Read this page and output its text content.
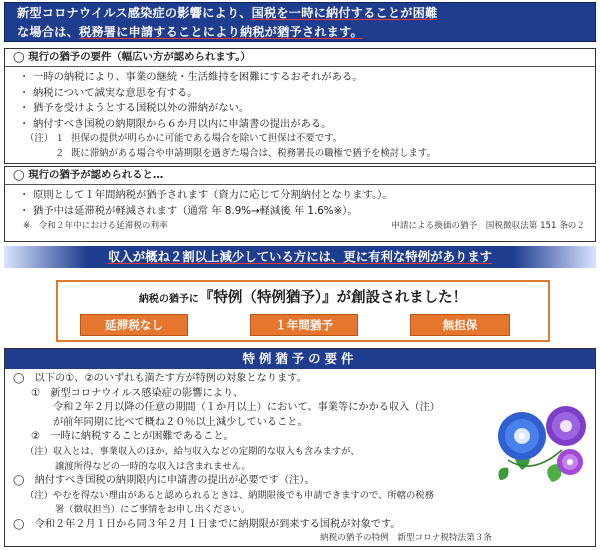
新型コロナウイルス感染症の影響により、国税を一時に納付することが困難
な場合は、税務署に申請することにより納税が猶予されます。
◯ 現行の猶予の要件（幅広い方が認められます。）
・ 一時の納税により、事業の継続・生活維持を困難にするおそれがある。
・ 納税について誠実な意思を有する。
・ 猶予を受けようとする国税以外の滞納がない。
・ 納付すべき国税の納期限から６か月以内に申請書の提出がある。
（注） １ 担保の提供が明らかに可能である場合を除いて担保は不要です。
２ 既に滞納がある場合や申請期限を過ぎた場合は、税務署長の職権で猶予を検討します。
◯ 現行の猶予が認められると…
・ 原則として１年間納税が猶予されます（資力に応じて分割納付となります。）。
・ 猶予中は延滞税が軽減されます（通常 年 8.9%→軽減後 年 1.6%※）。
※　令和２年中における延滞税の利率	申請による換価の猶予　国税徴収法第 151 条の２
収入が概ね２割以上減少している方には、更に有利な特例があります
納税の猶予に『特例（特例猶予）』が創設されました！
延滞税なし	１年間猶予	無担保
特例猶予の要件
◯　以下の①、②のいずれも満たす方が特例の対象となります。
①　新型コロナウイルス感染症の影響により、
令和２年２月以降の任意の期間（１か月以上）において、事業等にかかる収入（注）
が前年同期に比べて概ね２０％以上減少していること。
②　一時に納税することが困難であること。
（注）収入とは、事業収入のほか、給与収入などの定期的な収入も含みますが、
譲渡所得などの一時的な収入は含まれません。
◯　納付すべき国税の納期限内に申請書の提出が必要です（注）。
（注）やむを得ない理由があると認められるときは、納期限後でも申請できますので、所轄の税務
署（徴収担当）にご事情をお申し出ください。
◯　令和２年２月１日から同３年２月１日までに納期限が到来する国税が対象です。
納税の猶予の特例　新型コロナ税特法第３条
